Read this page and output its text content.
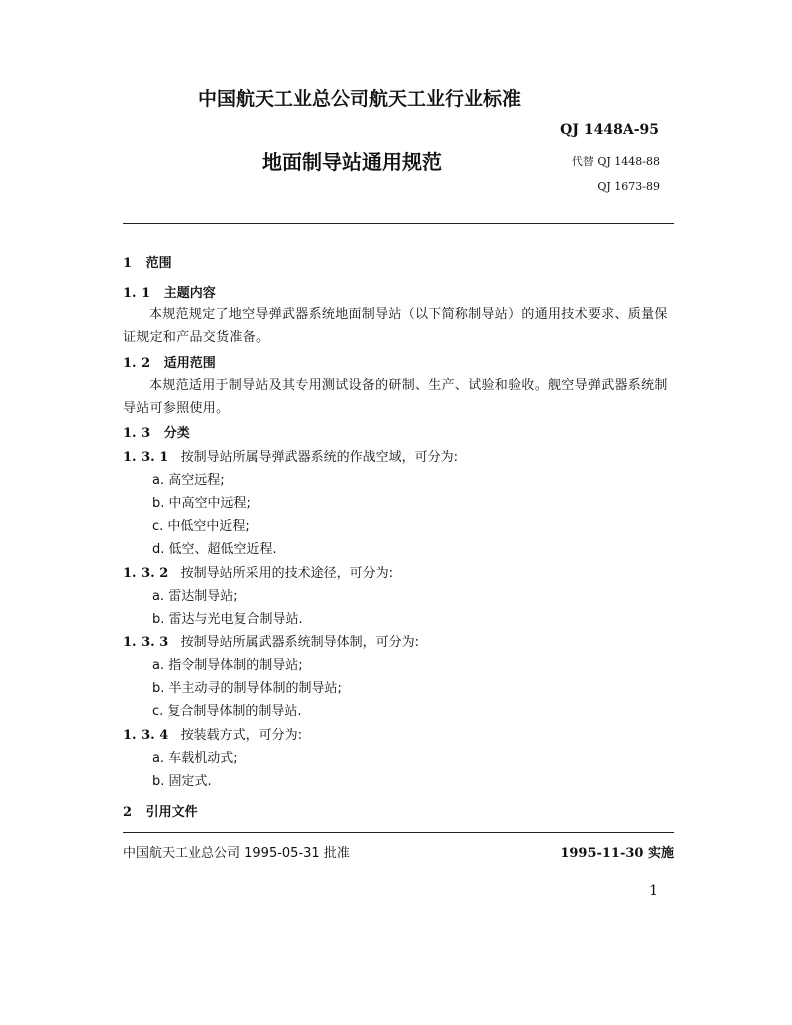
中国航天工业总公司航天工业行业标准
QJ 1448A-95
地面制导站通用规范	代替 QJ 1448-88
QJ 1673-89
1 范围
1. 1 主题内容
本规范规定了地空导弹武器系统地面制导站（以下简称制导站）的通用技术要求、质量保证规定和产品交货准备。
1. 2 适用范围
本规范适用于制导站及其专用测试设备的研制、生产、试验和验收。舰空导弹武器系统制导站可参照使用。
1. 3 分类
1. 3. 1 按制导站所属导弹武器系统的作战空域，可分为:
a. 高空远程;
b. 中高空中远程;
c. 中低空中近程;
d. 低空、超低空近程.
1. 3. 2 按制导站所采用的技术途径，可分为:
a. 雷达制导站;
b. 雷达与光电复合制导站.
1. 3. 3 按制导站所属武器系统制导体制，可分为:
a. 指令制导体制的制导站;
b. 半主动寻的制导体制的制导站;
c. 复合制导体制的制导站.
1. 3. 4 按装载方式，可分为:
a. 车载机动式;
b. 固定式.
2 引用文件
中国航天工业总公司 1995-05-31 批准	1995-11-30 实施
1
